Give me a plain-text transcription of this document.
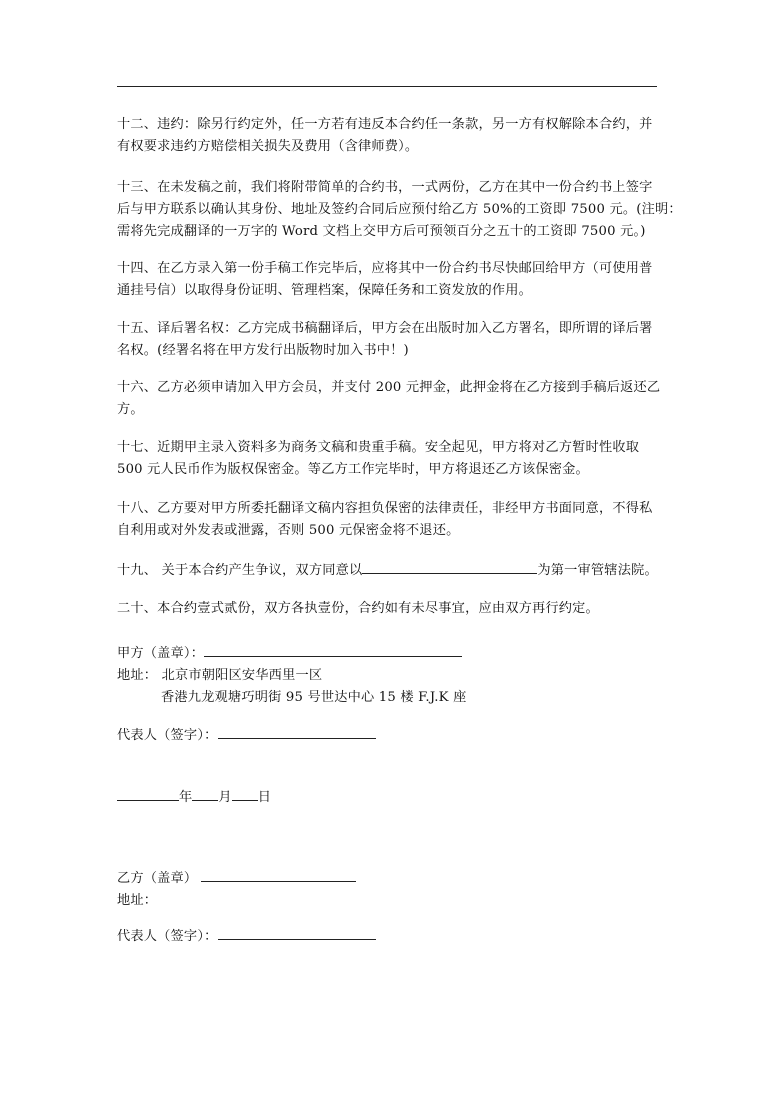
十二、违约：除另行约定外，任一方若有违反本合约任一条款，另一方有权解除本合约，并
有权要求违约方赔偿相关损失及费用（含律师费）。
十三、在未发稿之前，我们将附带简单的合约书，一式两份，乙方在其中一份合约书上签字
后与甲方联系以确认其身份、地址及签约合同后应预付给乙方 50%的工资即 7500 元。(注明：
需将先完成翻译的一万字的 Word 文档上交甲方后可预领百分之五十的工资即 7500 元。)
十四、在乙方录入第一份手稿工作完毕后，应将其中一份合约书尽快邮回给甲方（可使用普
通挂号信）以取得身份证明、管理档案，保障任务和工资发放的作用。
十五、译后署名权：乙方完成书稿翻译后，甲方会在出版时加入乙方署名，即所谓的译后署
名权。(经署名将在甲方发行出版物时加入书中！)
十六、乙方必须申请加入甲方会员，并支付 200 元押金，此押金将在乙方接到手稿后返还乙
方。
十七、近期甲主录入资料多为商务文稿和贵重手稿。安全起见，甲方将对乙方暂时性收取
500 元人民币作为版权保密金。等乙方工作完毕时，甲方将退还乙方该保密金。
十八、乙方要对甲方所委托翻译文稿内容担负保密的法律责任，非经甲方书面同意，不得私
自利用或对外发表或泄露，否则 500 元保密金将不退还。
十九、 关于本合约产生争议，双方同意以	为第一审管辖法院。
二十、本合约壹式贰份，双方各执壹份，合约如有未尽事宜，应由双方再行约定。
甲方（盖章）：
地址： 北京市朝阳区安华西里一区
香港九龙观塘巧明街 95 号世达中心 15 楼 F.J.K 座
代表人（签字）：
年 月 日
乙方（盖章）
地址：
代表人（签字）：
